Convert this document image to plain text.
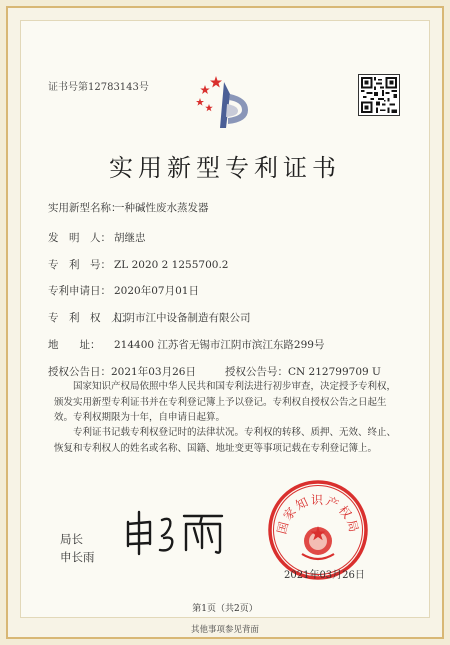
证书号第12783143号
实用新型专利证书
实用新型名称：一种碱性废水蒸发器
发　明　人： 胡继忠
专　利　号： ZL 2020 2 1255700.2
专利申请日： 2020年07月01日
专　利　权　人：江阴市江中设备制造有限公司
地　　址： 214400 江苏省无锡市江阴市滨江东路299号
授权公告日：2021年03月26日	授权公告号：CN 212799709 U
国家知识产权局依照中华人民共和国专利法进行初步审查，决定授予专利权，颁发实用新型专利证书并在专利登记簿上予以登记。专利权自授权公告之日起生效。专利权期限为十年，自申请日起算。
专利证书记载专利权登记时的法律状况。专利权的转移、质押、无效、终止、恢复和专利权人的姓名或名称、国籍、地址变更等事项记载在专利登记簿上。
局长
申长雨
国家知识产权局
2021年03月26日
第1页（共2页）
其他事项参见背面
